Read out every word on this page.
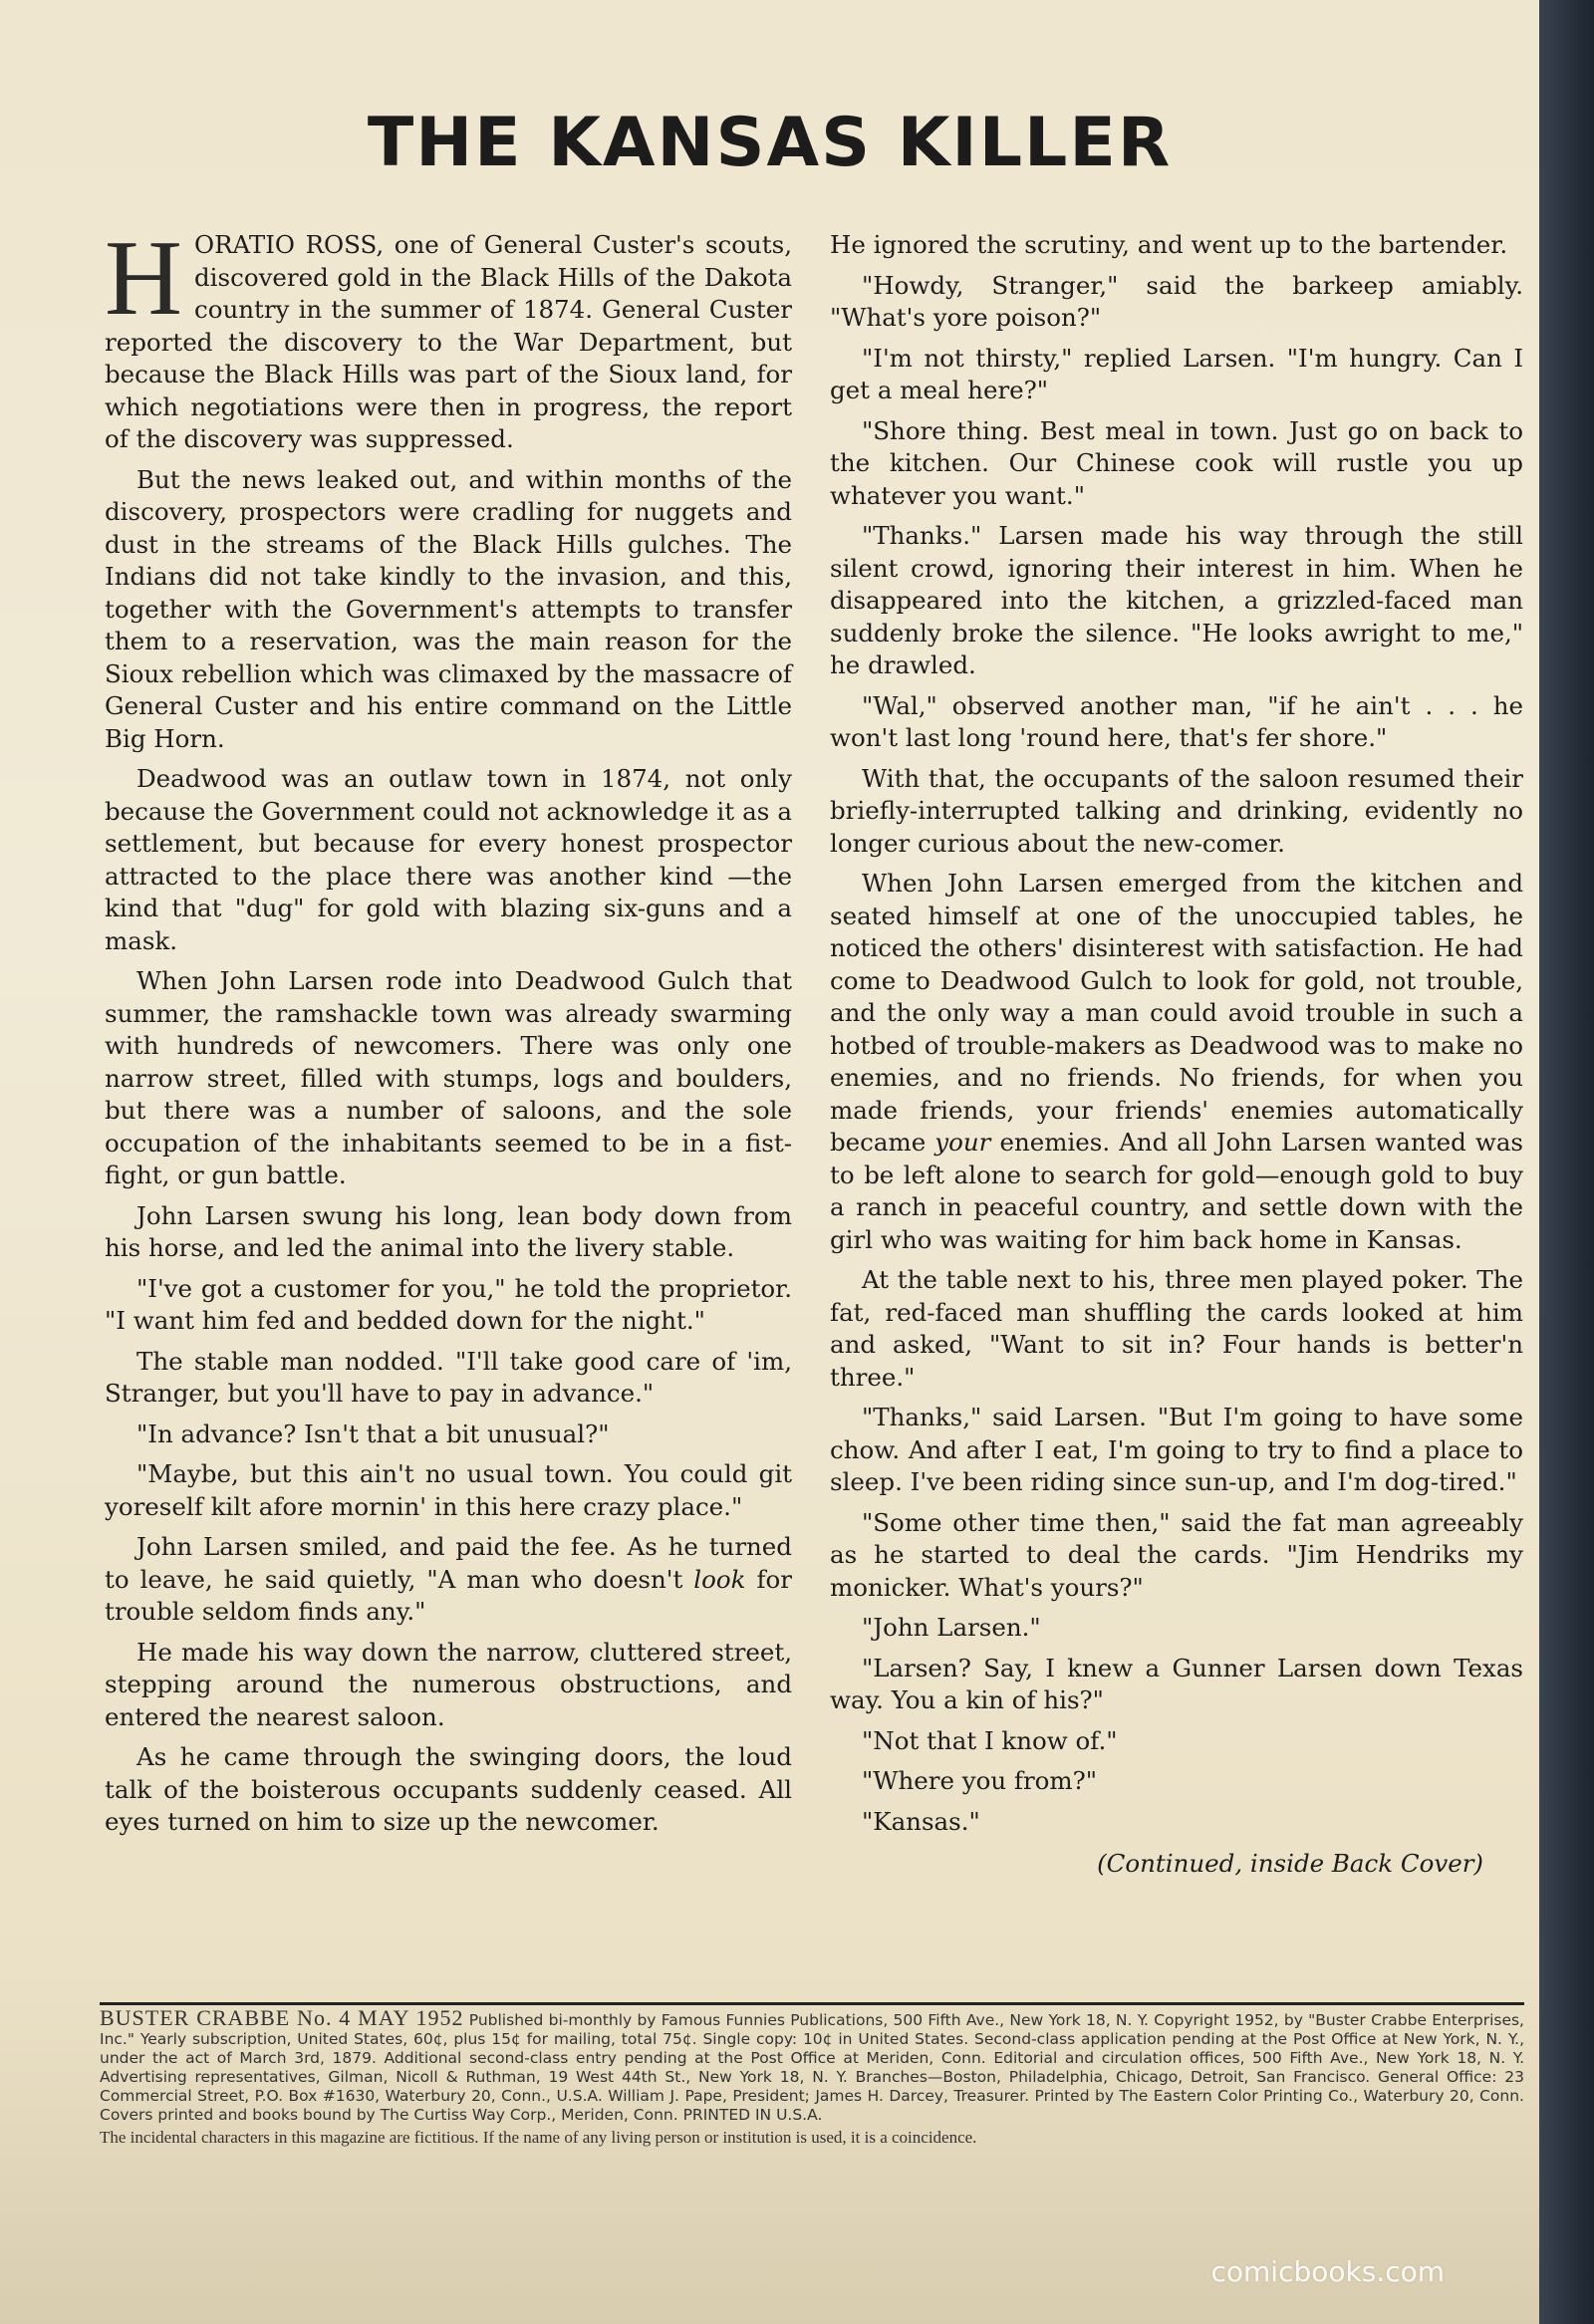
THE KANSAS KILLER

HORATIO ROSS, one of General Custer's scouts, discovered gold in the Black Hills of the Dakota country in the summer of 1874. General Custer reported the discovery to the War Department, but because the Black Hills was part of the Sioux land, for which negotiations were then in progress, the report of the discovery was suppressed.

But the news leaked out, and within months of the discovery, prospectors were cradling for nuggets and dust in the streams of the Black Hills gulches. The Indians did not take kindly to the invasion, and this, together with the Government's attempts to transfer them to a reservation, was the main reason for the Sioux rebellion which was climaxed by the massacre of General Custer and his entire command on the Little Big Horn.

Deadwood was an outlaw town in 1874, not only because the Government could not acknowledge it as a settlement, but because for every honest prospector attracted to the place there was another kind —the kind that "dug" for gold with blazing six-guns and a mask.

When John Larsen rode into Deadwood Gulch that summer, the ramshackle town was already swarming with hundreds of newcomers. There was only one narrow street, filled with stumps, logs and boulders, but there was a number of saloons, and the sole occupation of the inhabitants seemed to be in a fist-fight, or gun battle.

John Larsen swung his long, lean body down from his horse, and led the animal into the livery stable.

"I've got a customer for you," he told the proprietor. "I want him fed and bedded down for the night."

The stable man nodded. "I'll take good care of 'im, Stranger, but you'll have to pay in advance."

"In advance? Isn't that a bit unusual?"

"Maybe, but this ain't no usual town. You could git yoreself kilt afore mornin' in this here crazy place."

John Larsen smiled, and paid the fee. As he turned to leave, he said quietly, "A man who doesn't look for trouble seldom finds any."

He made his way down the narrow, cluttered street, stepping around the numerous obstructions, and entered the nearest saloon.

As he came through the swinging doors, the loud talk of the boisterous occupants suddenly ceased. All eyes turned on him to size up the newcomer.

He ignored the scrutiny, and went up to the bartender.

"Howdy, Stranger," said the barkeep amiably. "What's yore poison?"

"I'm not thirsty," replied Larsen. "I'm hungry. Can I get a meal here?"

"Shore thing. Best meal in town. Just go on back to the kitchen. Our Chinese cook will rustle you up whatever you want."

"Thanks." Larsen made his way through the still silent crowd, ignoring their interest in him. When he disappeared into the kitchen, a grizzled-faced man suddenly broke the silence. "He looks awright to me," he drawled.

"Wal," observed another man, "if he ain't . . . he won't last long 'round here, that's fer shore."

With that, the occupants of the saloon resumed their briefly-interrupted talking and drinking, evidently no longer curious about the new-comer.

When John Larsen emerged from the kitchen and seated himself at one of the unoccupied tables, he noticed the others' disinterest with satisfaction. He had come to Deadwood Gulch to look for gold, not trouble, and the only way a man could avoid trouble in such a hotbed of trouble-makers as Deadwood was to make no enemies, and no friends. No friends, for when you made friends, your friends' enemies automatically became your enemies. And all John Larsen wanted was to be left alone to search for gold—enough gold to buy a ranch in peaceful country, and settle down with the girl who was waiting for him back home in Kansas.

At the table next to his, three men played poker. The fat, red-faced man shuffling the cards looked at him and asked, "Want to sit in? Four hands is better'n three."

"Thanks," said Larsen. "But I'm going to have some chow. And after I eat, I'm going to try to find a place to sleep. I've been riding since sun-up, and I'm dog-tired."

"Some other time then," said the fat man agreeably as he started to deal the cards. "Jim Hendriks my monicker. What's yours?"

"John Larsen."

"Larsen? Say, I knew a Gunner Larsen down Texas way. You a kin of his?"

"Not that I know of."

"Where you from?"

"Kansas."

(Continued, inside Back Cover)
BUSTER CRABBE No. 4 MAY 1952 Published bi-monthly by Famous Funnies Publications, 500 Fifth Ave., New York 18, N. Y. Copyright 1952, by "Buster Crabbe Enterprises, Inc." Yearly subscription, United States, 60¢, plus 15¢ for mailing, total 75¢. Single copy: 10¢ in United States. Second-class application pending at the Post Office at New York, N. Y., under the act of March 3rd, 1879. Additional second-class entry pending at the Post Office at Meriden, Conn. Editorial and circulation offices, 500 Fifth Ave., New York 18, N. Y. Advertising representatives, Gilman, Nicoll & Ruthman, 19 West 44th St., New York 18, N. Y. Branches—Boston, Philadelphia, Chicago, Detroit, San Francisco. General Office: 23 Commercial Street, P.O. Box #1630, Waterbury 20, Conn., U.S.A. William J. Pape, President; James H. Darcey, Treasurer. Printed by The Eastern Color Printing Co., Waterbury 20, Conn. Covers printed and books bound by The Curtiss Way Corp., Meriden, Conn. PRINTED IN U.S.A.
The incidental characters in this magazine are fictitious. If the name of any living person or institution is used, it is a coincidence.
comicbooks.com
